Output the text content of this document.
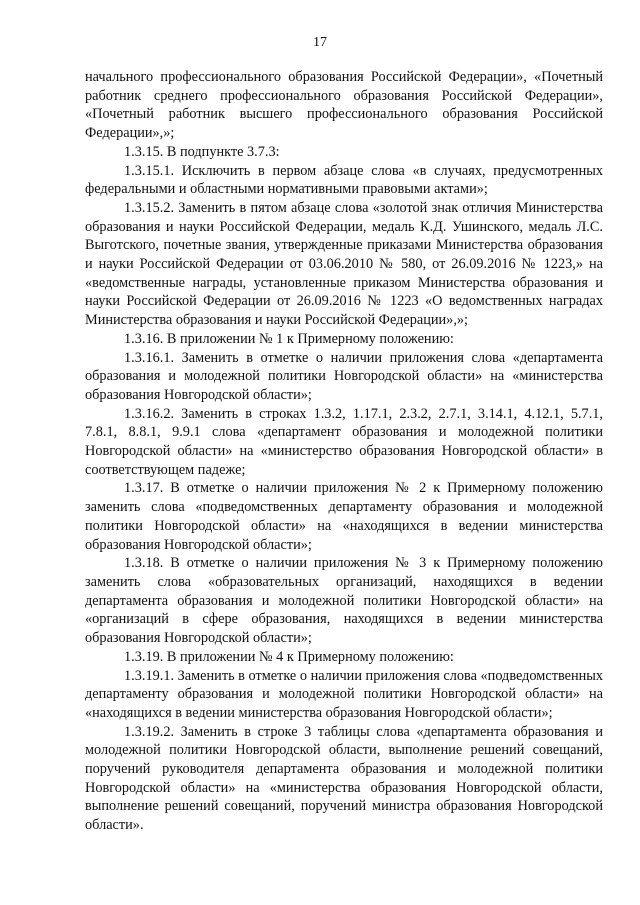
17

начального профессионального образования Российской Федерации», «Почетный работник среднего профессионального образования Российской Федерации», «Почетный работник высшего профессионального образования Российской Федерации»,»;

1.3.15. В подпункте 3.7.3:

1.3.15.1. Исключить в первом абзаце слова «в случаях, предусмотренных федеральными и областными нормативными правовыми актами»;

1.3.15.2. Заменить в пятом абзаце слова «золотой знак отличия Министерства образования и науки Российской Федерации, медаль К.Д. Ушинского, медаль Л.С. Выготского, почетные звания, утвержденные приказами Министерства образования и науки Российской Федерации от 03.06.2010 № 580, от 26.09.2016 № 1223,» на «ведомственные награды, установленные приказом Министерства образования и науки Российской Федерации от 26.09.2016 № 1223 «О ведомственных наградах Министерства образования и науки Российской Федерации»,»;

1.3.16. В приложении № 1 к Примерному положению:

1.3.16.1. Заменить в отметке о наличии приложения слова «департамента образования и молодежной политики Новгородской области» на «министерства образования Новгородской области»;

1.3.16.2. Заменить в строках 1.3.2, 1.17.1, 2.3.2, 2.7.1, 3.14.1, 4.12.1, 5.7.1, 7.8.1, 8.8.1, 9.9.1 слова «департамент образования и молодежной политики Новгородской области» на «министерство образования Новгородской области» в соответствующем падеже;

1.3.17. В отметке о наличии приложения № 2 к Примерному положению заменить слова «подведомственных департаменту образования и молодежной политики Новгородской области» на «находящихся в ведении министерства образования Новгородской области»;

1.3.18. В отметке о наличии приложения № 3 к Примерному положению заменить слова «образовательных организаций, находящихся в ведении департамента образования и молодежной политики Новгородской области» на «организаций в сфере образования, находящихся в ведении министерства образования Новгородской области»;

1.3.19. В приложении № 4 к Примерному положению:

1.3.19.1. Заменить в отметке о наличии приложения слова «подведомственных департаменту образования и молодежной политики Новгородской области» на «находящихся в ведении министерства образования Новгородской области»;

1.3.19.2. Заменить в строке 3 таблицы слова «департамента образования и молодежной политики Новгородской области, выполнение решений совещаний, поручений руководителя департамента образования и молодежной политики Новгородской области» на «министерства образования Новгородской области, выполнение решений совещаний, поручений министра образования Новгородской области».
